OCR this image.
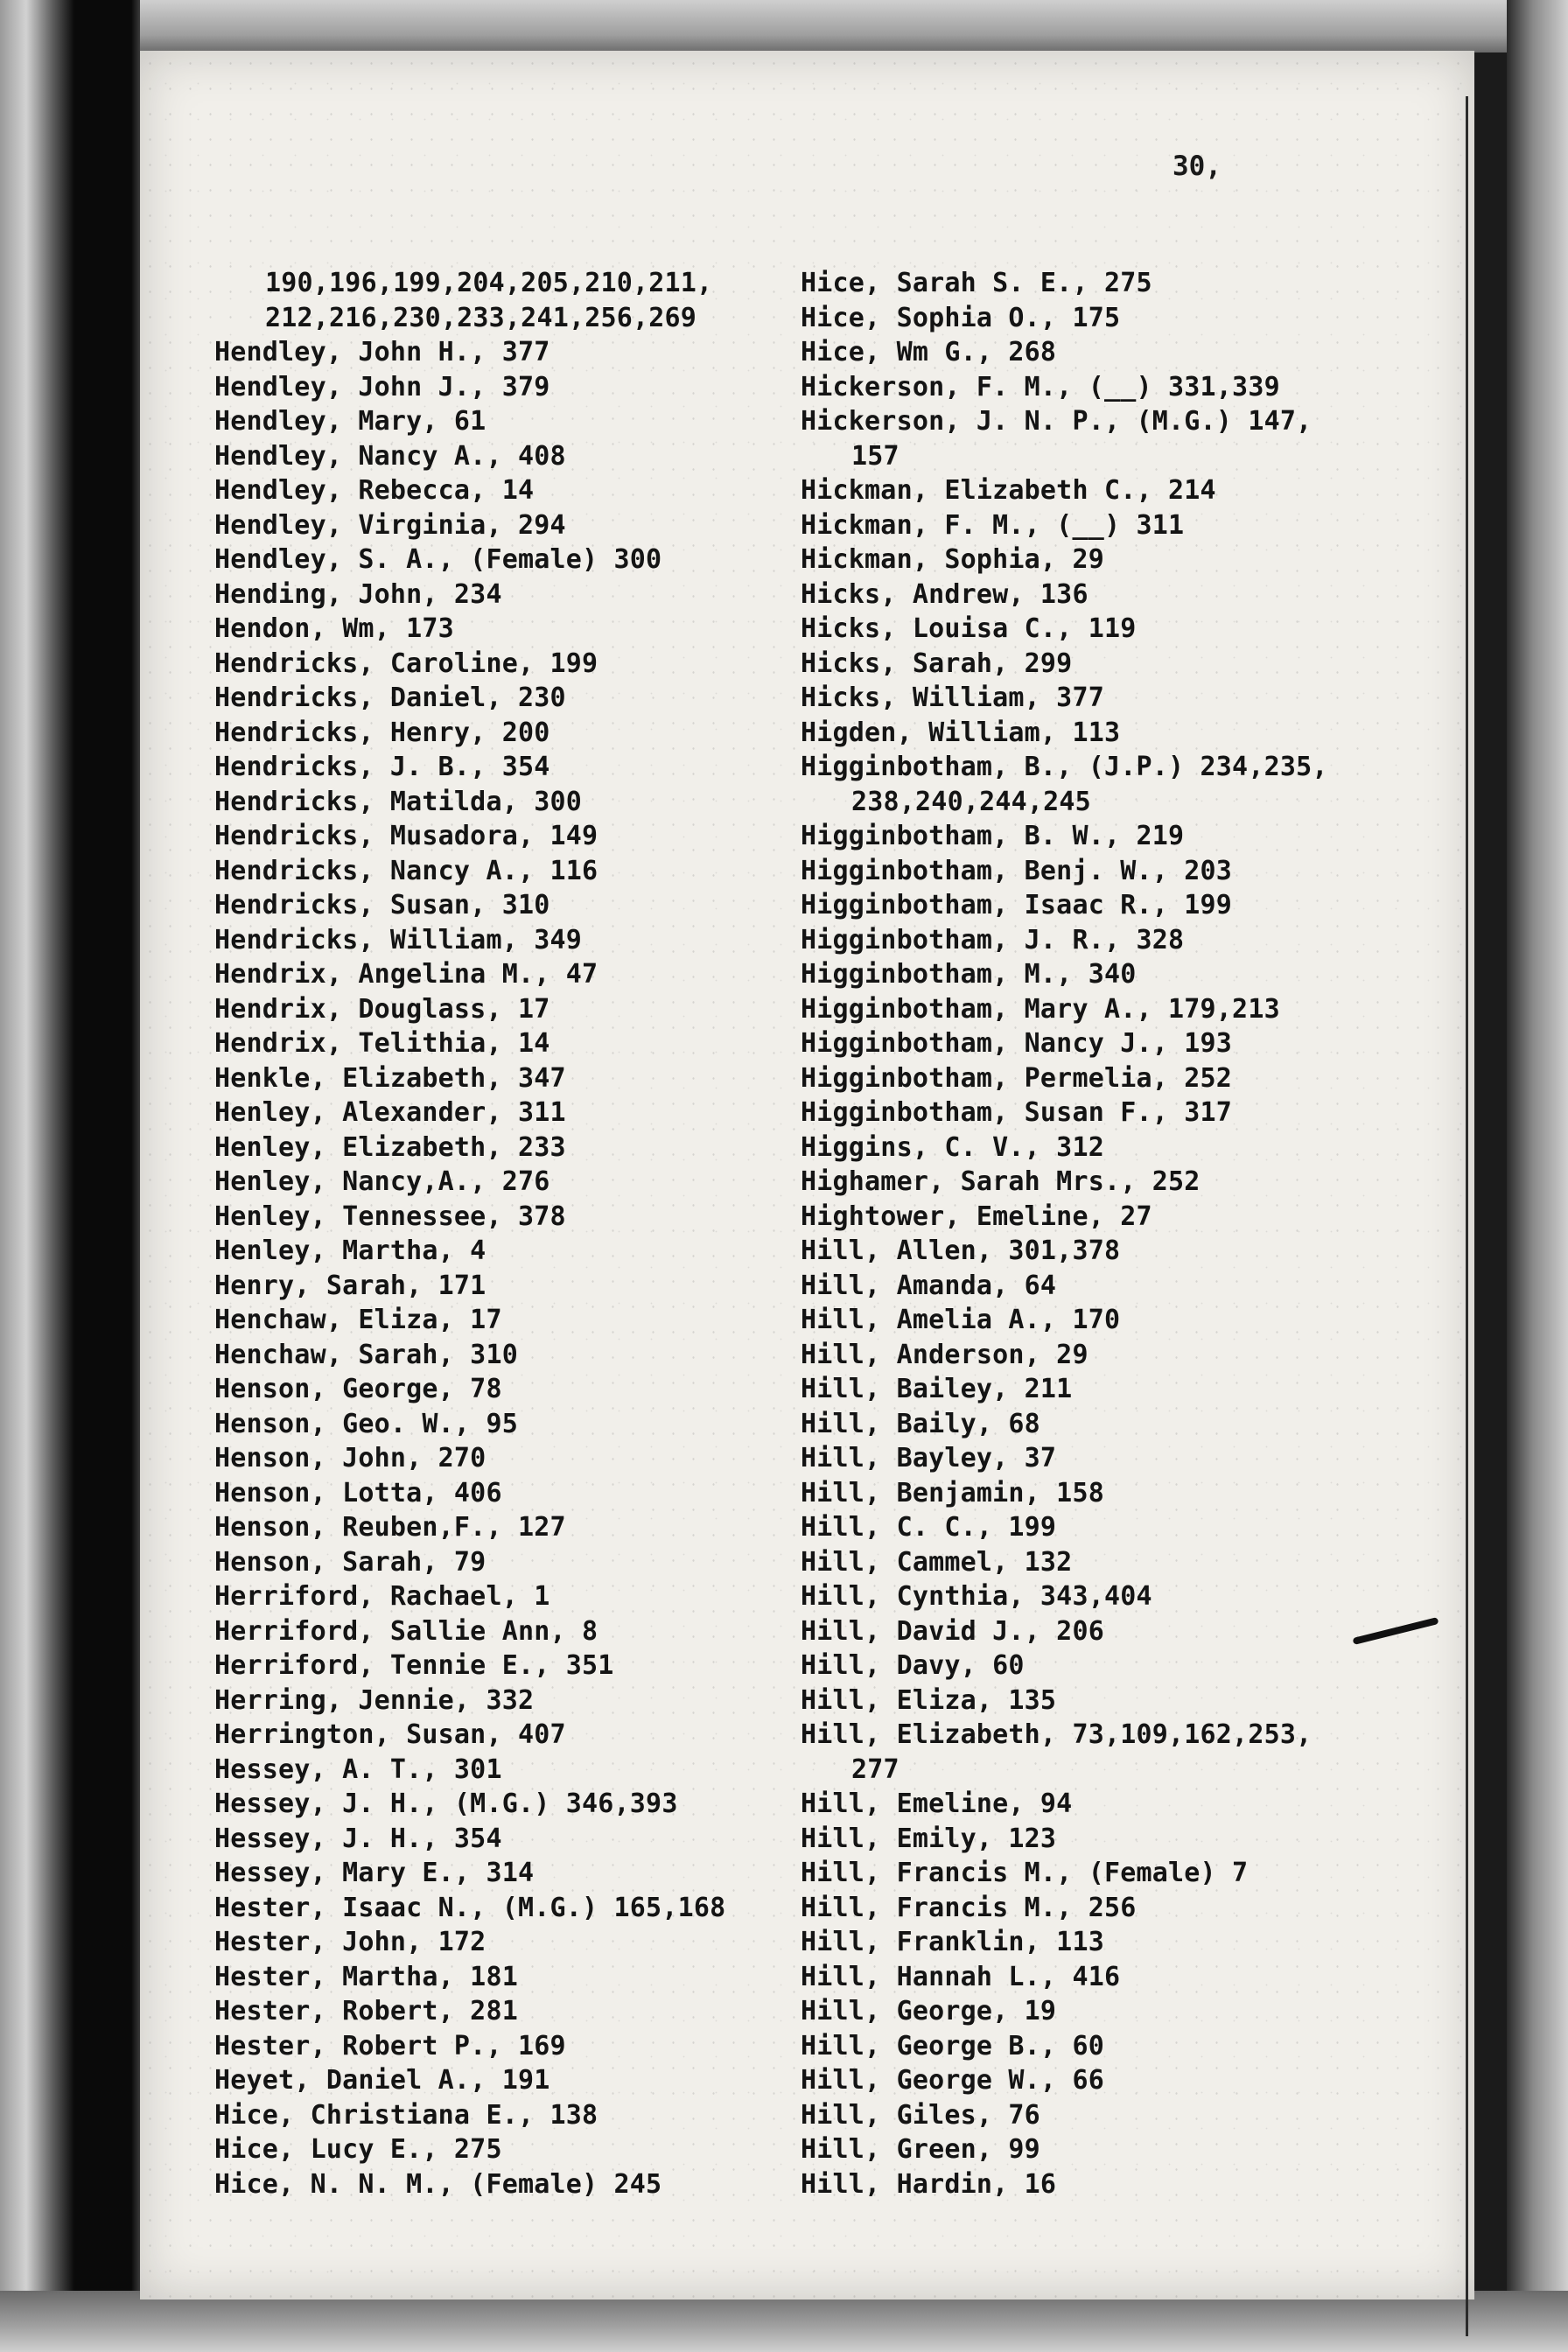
30,
190,196,199,204,205,210,211,
212,216,230,233,241,256,269
Hendley, John H., 377
Hendley, John J., 379
Hendley, Mary, 61
Hendley, Nancy A., 408
Hendley, Rebecca, 14
Hendley, Virginia, 294
Hendley, S. A., (Female) 300
Hending, John, 234
Hendon, Wm, 173
Hendricks, Caroline, 199
Hendricks, Daniel, 230
Hendricks, Henry, 200
Hendricks, J. B., 354
Hendricks, Matilda, 300
Hendricks, Musadora, 149
Hendricks, Nancy A., 116
Hendricks, Susan, 310
Hendricks, William, 349
Hendrix, Angelina M., 47
Hendrix, Douglass, 17
Hendrix, Telithia, 14
Henkle, Elizabeth, 347
Henley, Alexander, 311
Henley, Elizabeth, 233
Henley, Nancy,A., 276
Henley, Tennessee, 378
Henley, Martha, 4
Henry, Sarah, 171
Henchaw, Eliza, 17
Henchaw, Sarah, 310
Henson, George, 78
Henson, Geo. W., 95
Henson, John, 270
Henson, Lotta, 406
Henson, Reuben,F., 127
Henson, Sarah, 79
Herriford, Rachael, 1
Herriford, Sallie Ann, 8
Herriford, Tennie E., 351
Herring, Jennie, 332
Herrington, Susan, 407
Hessey, A. T., 301
Hessey, J. H., (M.G.) 346,393
Hessey, J. H., 354
Hessey, Mary E., 314
Hester, Isaac N., (M.G.) 165,168
Hester, John, 172
Hester, Martha, 181
Hester, Robert, 281
Hester, Robert P., 169
Heyet, Daniel A., 191
Hice, Christiana E., 138
Hice, Lucy E., 275
Hice, N. N. M., (Female) 245
Hice, Sarah S. E., 275
Hice, Sophia O., 175
Hice, Wm G., 268
Hickerson, F. M., (__) 331,339
Hickerson, J. N. P., (M.G.) 147,
157
Hickman, Elizabeth C., 214
Hickman, F. M., (__) 311
Hickman, Sophia, 29
Hicks, Andrew, 136
Hicks, Louisa C., 119
Hicks, Sarah, 299
Hicks, William, 377
Higden, William, 113
Higginbotham, B., (J.P.) 234,235,
238,240,244,245
Higginbotham, B. W., 219
Higginbotham, Benj. W., 203
Higginbotham, Isaac R., 199
Higginbotham, J. R., 328
Higginbotham, M., 340
Higginbotham, Mary A., 179,213
Higginbotham, Nancy J., 193
Higginbotham, Permelia, 252
Higginbotham, Susan F., 317
Higgins, C. V., 312
Highamer, Sarah Mrs., 252
Hightower, Emeline, 27
Hill, Allen, 301,378
Hill, Amanda, 64
Hill, Amelia A., 170
Hill, Anderson, 29
Hill, Bailey, 211
Hill, Baily, 68
Hill, Bayley, 37
Hill, Benjamin, 158
Hill, C. C., 199
Hill, Cammel, 132
Hill, Cynthia, 343,404
Hill, David J., 206
Hill, Davy, 60
Hill, Eliza, 135
Hill, Elizabeth, 73,109,162,253,
277
Hill, Emeline, 94
Hill, Emily, 123
Hill, Francis M., (Female) 7
Hill, Francis M., 256
Hill, Franklin, 113
Hill, Hannah L., 416
Hill, George, 19
Hill, George B., 60
Hill, George W., 66
Hill, Giles, 76
Hill, Green, 99
Hill, Hardin, 16
